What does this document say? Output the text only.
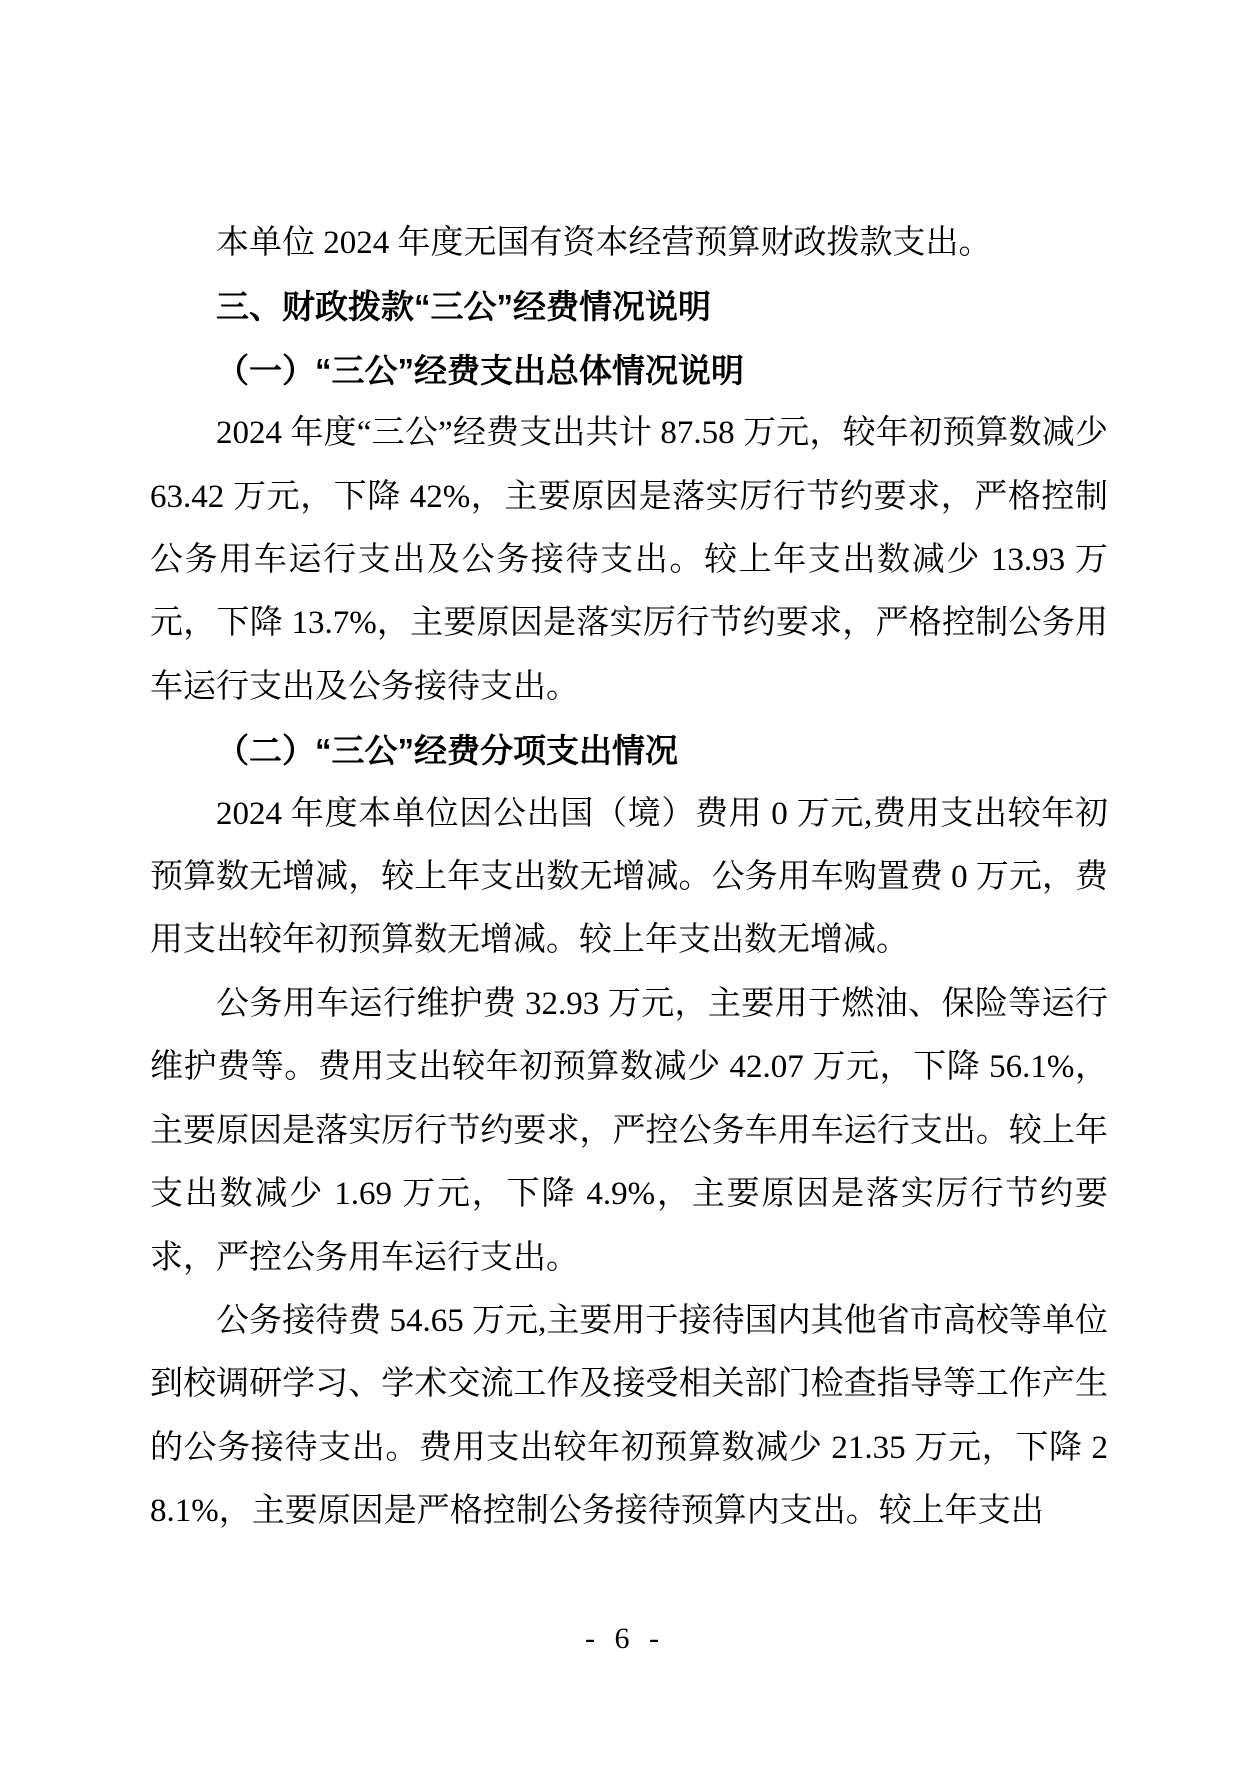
本单位 2024 年度无国有资本经营预算财政拨款支出。

三、财政拨款“三公”经费情况说明

（一）“三公”经费支出总体情况说明

2024 年度“三公”经费支出共计 87.58 万元，较年初预算数减少 63.42 万元，下降 42%，主要原因是落实厉行节约要求，严格控制公务用车运行支出及公务接待支出。较上年支出数减少 13.93 万元，下降 13.7%，主要原因是落实厉行节约要求，严格控制公务用车运行支出及公务接待支出。

（二）“三公”经费分项支出情况

2024 年度本单位因公出国（境）费用 0 万元,费用支出较年初预算数无增减，较上年支出数无增减。公务用车购置费 0 万元，费用支出较年初预算数无增减。较上年支出数无增减。

公务用车运行维护费 32.93 万元，主要用于燃油、保险等运行维护费等。费用支出较年初预算数减少 42.07 万元，下降 56.1%，主要原因是落实厉行节约要求，严控公务车用车运行支出。较上年支出数减少 1.69 万元，下降 4.9%，主要原因是落实厉行节约要求，严控公务用车运行支出。

公务接待费 54.65 万元,主要用于接待国内其他省市高校等单位到校调研学习、学术交流工作及接受相关部门检查指导等工作产生的公务接待支出。费用支出较年初预算数减少 21.35 万元，下降 28.1%，主要原因是严格控制公务接待预算内支出。较上年支出

- 6 -
